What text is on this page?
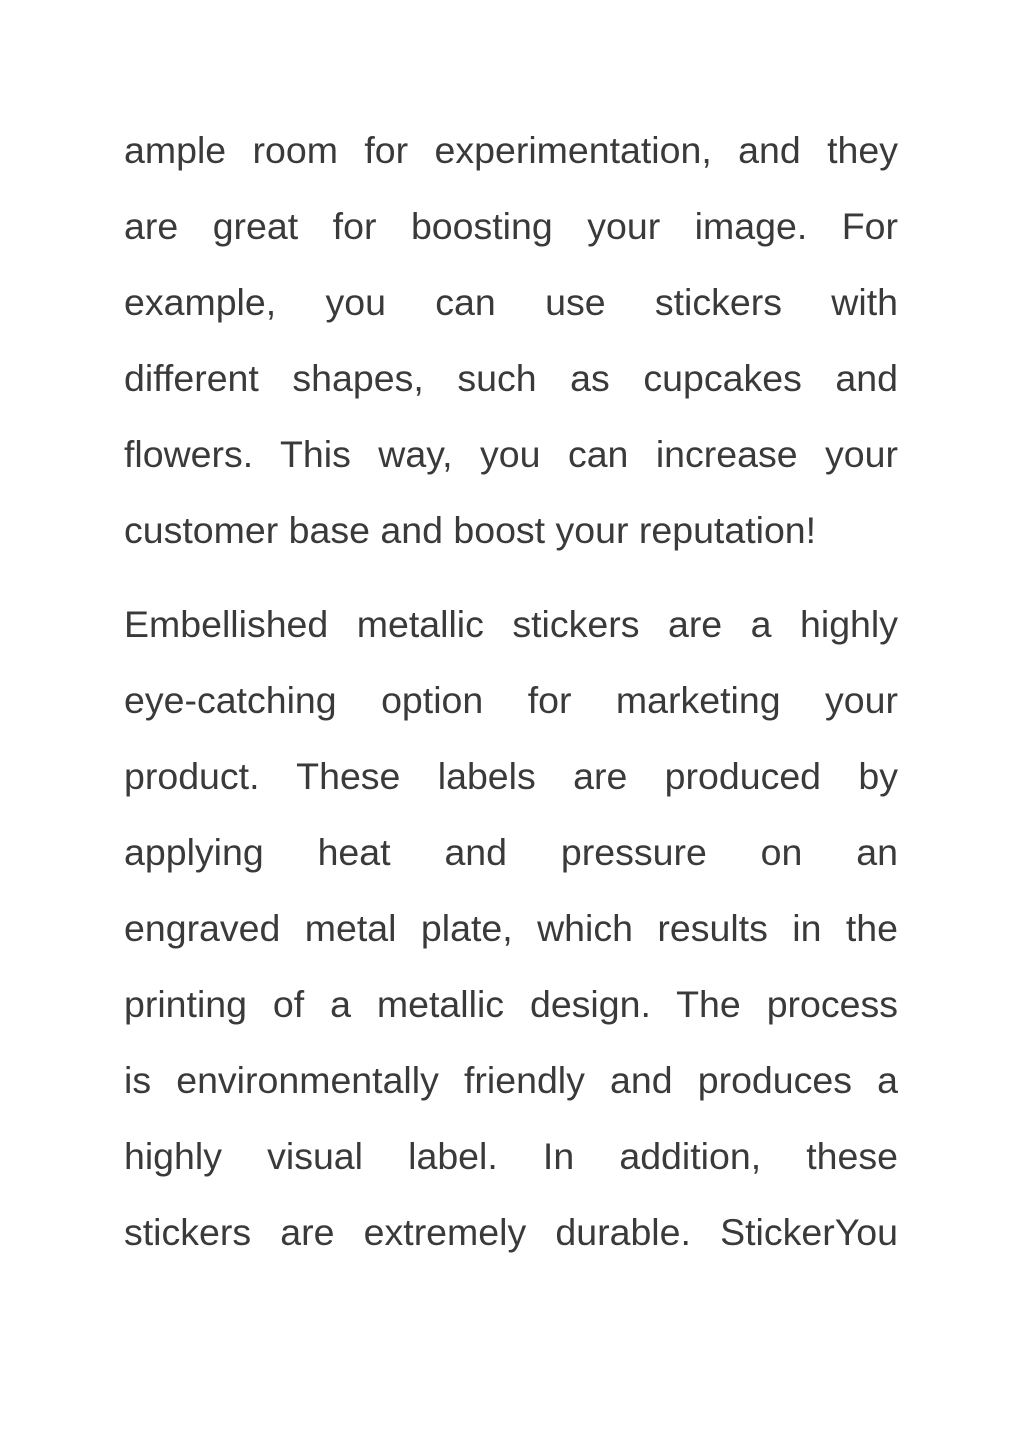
ample room for experimentation, and they
are great for boosting your image. For
example, you can use stickers with
different shapes, such as cupcakes and
flowers. This way, you can increase your
customer base and boost your reputation!

Embellished metallic stickers are a highly
eye-catching option for marketing your
product. These labels are produced by
applying heat and pressure on an
engraved metal plate, which results in the
printing of a metallic design. The process
is environmentally friendly and produces a
highly visual label. In addition, these
stickers are extremely durable. StickerYou
